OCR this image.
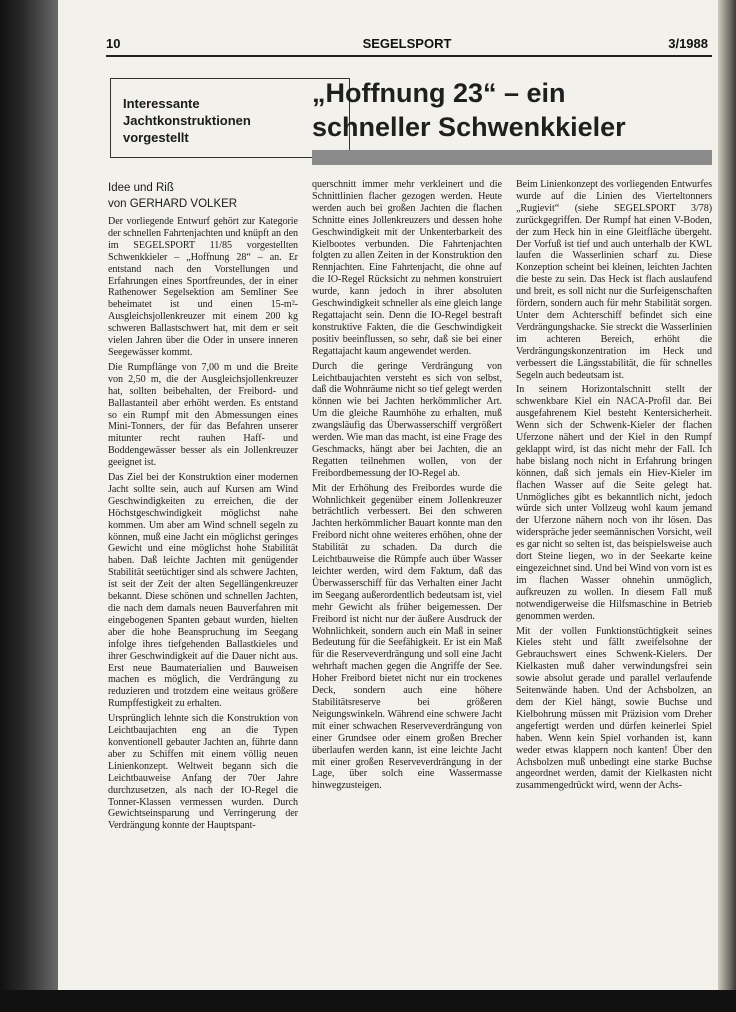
10	SEGELSPORT	3/1988
Interessante
Jachtkonstruktionen
vorgestellt
„Hoffnung 23“ – ein
schneller Schwenkkieler
Idee und Riß
von GERHARD VOLKER

Der vorliegende Entwurf gehört zur Kategorie der schnellen Fahrtenjachten und knüpft an den im SEGELSPORT 11/85 vorgestellten Schwenkkieler – „Hoffnung 28“ – an. Er entstand nach den Vorstellungen und Erfahrungen eines Sportfreundes, der in einer Rathenower Segelsektion am Semliner See beheimatet ist und einen 15-m²-Ausgleichsjollenkreuzer mit einem 200 kg schweren Ballastschwert hat, mit dem er seit vielen Jahren über die Oder in unsere inneren Seegewässer kommt.

Die Rumpflänge von 7,00 m und die Breite von 2,50 m, die der Ausgleichsjollenkreuzer hat, sollten beibehalten, der Freibord- und Ballastanteil aber erhöht werden. Es entstand so ein Rumpf mit den Abmessungen eines Mini-Tonners, der für das Befahren unserer mitunter recht rauhen Haff- und Boddengewässer besser als ein Jollenkreuzer geeignet ist.

Das Ziel bei der Konstruktion einer modernen Jacht sollte sein, auch auf Kursen am Wind Geschwindigkeiten zu erreichen, die der Höchstgeschwindigkeit möglichst nahe kommen. Um aber am Wind schnell segeln zu können, muß eine Jacht ein möglichst geringes Gewicht und eine möglichst hohe Stabilität haben. Daß leichte Jachten mit genügender Stabilität seetüchtiger sind als schwere Jachten, ist seit der Zeit der alten Segellängenkreuzer bekannt. Diese schönen und schnellen Jachten, die nach dem damals neuen Bauverfahren mit eingebogenen Spanten gebaut wurden, hielten aber die hohe Beanspruchung im Seegang infolge ihres tiefgehenden Ballastkieles und ihrer Geschwindigkeit auf die Dauer nicht aus. Erst neue Baumaterialien und Bauweisen machen es möglich, die Verdrängung zu reduzieren und trotzdem eine weitaus größere Rumpffestigkeit zu erhalten.

Ursprünglich lehnte sich die Konstruktion von Leichtbaujachten eng an die Typen konventionell gebauter Jachten an, führte dann aber zu Schiffen mit einem völlig neuen Linienkonzept. Weltweit begann sich die Leichtbauweise Anfang der 70er Jahre durchzusetzen, als nach der IO-Regel die Tonner-Klassen vermessen wurden. Durch Gewichtseinsparung und Verringerung der Verdrängung konnte der Hauptspant-

querschnitt immer mehr verkleinert und die Schnittlinien flacher gezogen werden. Heute werden auch bei großen Jachten die flachen Schnitte eines Jollenkreuzers und dessen hohe Geschwindigkeit mit der Unkenterbarkeit des Kielbootes verbunden. Die Fahrtenjachten folgten zu allen Zeiten in der Konstruktion den Rennjachten. Eine Fahrtenjacht, die ohne auf die IO-Regel Rücksicht zu nehmen konstruiert wurde, kann jedoch in ihrer absoluten Geschwindigkeit schneller als eine gleich lange Regattajacht sein. Denn die IO-Regel bestraft konstruktive Fakten, die die Geschwindigkeit positiv beeinflussen, so sehr, daß sie bei einer Regattajacht kaum angewendet werden.

Durch die geringe Verdrängung von Leichtbaujachten versteht es sich von selbst, daß die Wohnräume nicht so tief gelegt werden können wie bei Jachten herkömmlicher Art. Um die gleiche Raumhöhe zu erhalten, muß zwangsläufig das Überwasserschiff vergrößert werden. Wie man das macht, ist eine Frage des Geschmacks, hängt aber bei Jachten, die an Regatten teilnehmen wollen, von der Freibordbemessung der IO-Regel ab.

Mit der Erhöhung des Freibordes wurde die Wohnlichkeit gegenüber einem Jollenkreuzer beträchtlich verbessert. Bei den schweren Jachten herkömmlicher Bauart konnte man den Freibord nicht ohne weiteres erhöhen, ohne der Stabilität zu schaden. Da durch die Leichtbauweise die Rümpfe auch über Wasser leichter werden, wird dem Faktum, daß das Überwasserschiff für das Verhalten einer Jacht im Seegang außerordentlich bedeutsam ist, viel mehr Gewicht als früher beigemessen. Der Freibord ist nicht nur der äußere Ausdruck der Wohnlichkeit, sondern auch ein Maß in seiner Bedeutung für die Seefähigkeit. Er ist ein Maß für die Reserveverdrängung und soll eine Jacht wehrhaft machen gegen die Angriffe der See. Hoher Freibord bietet nicht nur ein trockenes Deck, sondern auch eine höhere Stabilitätsreserve bei größeren Neigungswinkeln. Während eine schwere Jacht mit einer schwachen Reserveverdrängung von einer Grundsee oder einem großen Brecher überlaufen werden kann, ist eine leichte Jacht mit einer großen Reserveverdrängung in der Lage, über solch eine Wassermasse hinwegzusteigen.

Beim Linienkonzept des vorliegenden Entwurfes wurde auf die Linien des Vierteltonners „Rugievit“ (siehe SEGELSPORT 3/78) zurückgegriffen. Der Rumpf hat einen V-Boden, der zum Heck hin in eine Gleitfläche übergeht. Der Vorfuß ist tief und auch unterhalb der KWL laufen die Wasserlinien scharf zu. Diese Konzeption scheint bei kleinen, leichten Jachten die beste zu sein. Das Heck ist flach auslaufend und breit, es soll nicht nur die Surfeigenschaften fördern, sondern auch für mehr Stabilität sorgen. Unter dem Achterschiff befindet sich eine Verdrängungshacke. Sie streckt die Wasserlinien im achteren Bereich, erhöht die Verdrängungskonzentration im Heck und verbessert die Längsstabilität, die für schnelles Segeln auch bedeutsam ist.

In seinem Horizontalschnitt stellt der schwenkbare Kiel ein NACA-Profil dar. Bei ausgefahrenem Kiel besteht Kentersicherheit. Wenn sich der Schwenk-Kieler der flachen Uferzone nähert und der Kiel in den Rumpf geklappt wird, ist das nicht mehr der Fall. Ich habe bislang noch nicht in Erfahrung bringen können, daß sich jemals ein Hiev-Kieler im flachen Wasser auf die Seite gelegt hat. Unmögliches gibt es bekanntlich nicht, jedoch würde sich unter Vollzeug wohl kaum jemand der Uferzone nähern noch von ihr lösen. Das widerspräche jeder seemännischen Vorsicht, weil es gar nicht so selten ist, das beispielsweise auch dort Steine liegen, wo in der Seekarte keine eingezeichnet sind. Und bei Wind von vorn ist es im flachen Wasser ohnehin unmöglich, aufkreuzen zu wollen. In diesem Fall muß notwendigerweise die Hilfsmaschine in Betrieb genommen werden.

Mit der vollen Funktionstüchtigkeit seines Kieles steht und fällt zweifelsohne der Gebrauchswert eines Schwenk-Kielers. Der Kielkasten muß daher verwindungsfrei sein sowie absolut gerade und parallel verlaufende Seitenwände haben. Und der Achsbolzen, an dem der Kiel hängt, sowie Buchse und Kielbohrung müssen mit Präzision vom Dreher angefertigt werden und dürfen keinerlei Spiel haben. Wenn kein Spiel vorhanden ist, kann weder etwas klappern noch kanten! Über den Achsbolzen muß unbedingt eine starke Buchse angeordnet werden, damit der Kielkasten nicht zusammengedrückt wird, wenn der Achs-
